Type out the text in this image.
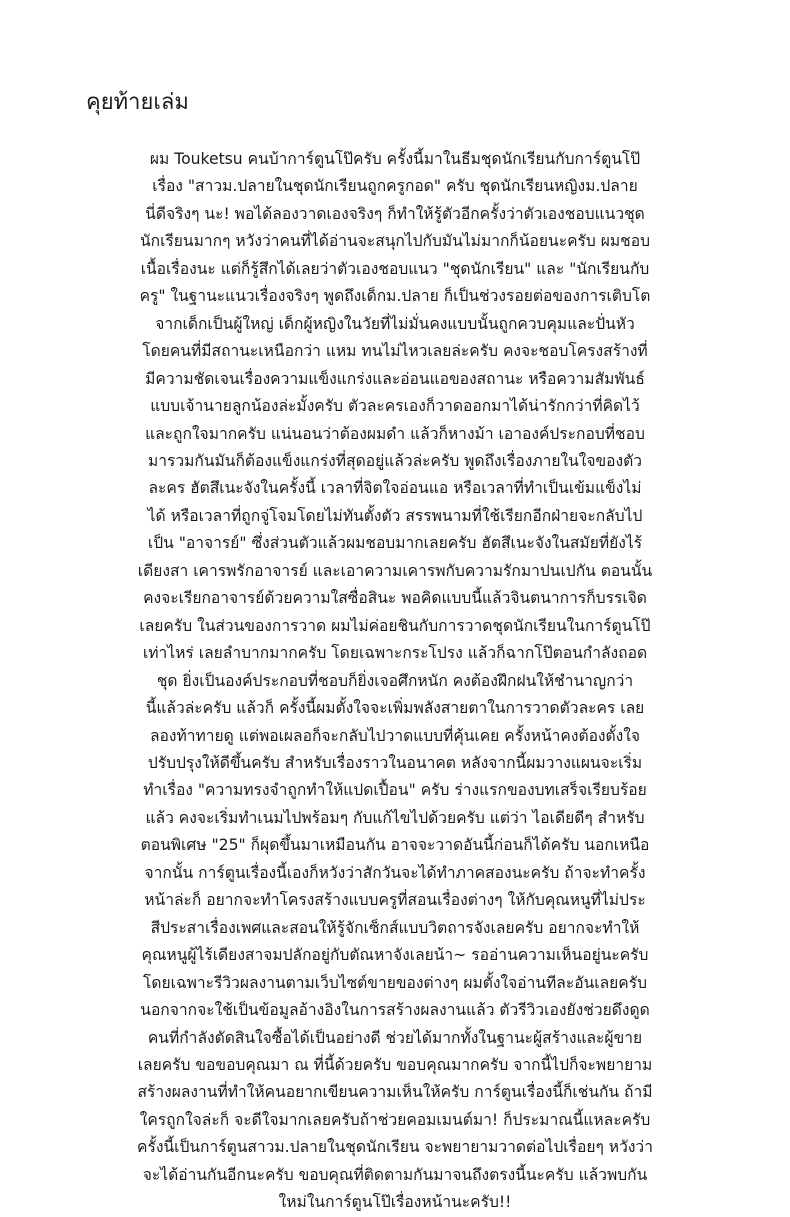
คุยท้ายเล่ม
ผม Touketsu คนบ้าการ์ตูนโป๊ครับ ครั้งนี้มาในธีมชุดนักเรียนกับการ์ตูนโป๊
เรื่อง "สาวม.ปลายในชุดนักเรียนถูกครูกอด" ครับ ชุดนักเรียนหญิงม.ปลาย
นี่ดีจริงๆ นะ! พอได้ลองวาดเองจริงๆ ก็ทำให้รู้ตัวอีกครั้งว่าตัวเองชอบแนวชุด
นักเรียนมากๆ หวังว่าคนที่ได้อ่านจะสนุกไปกับมันไม่มากก็น้อยนะครับ ผมชอบ
เนื้อเรื่องนะ แต่ก็รู้สึกได้เลยว่าตัวเองชอบแนว "ชุดนักเรียน" และ "นักเรียนกับ
ครู" ในฐานะแนวเรื่องจริงๆ พูดถึงเด็กม.ปลาย ก็เป็นช่วงรอยต่อของการเติบโต
จากเด็กเป็นผู้ใหญ่ เด็กผู้หญิงในวัยที่ไม่มั่นคงแบบนั้นถูกควบคุมและปั่นหัว
โดยคนที่มีสถานะเหนือกว่า แหม ทนไม่ไหวเลยล่ะครับ คงจะชอบโครงสร้างที่
มีความชัดเจนเรื่องความแข็งแกร่งและอ่อนแอของสถานะ หรือความสัมพันธ์
แบบเจ้านายลูกน้องล่ะมั้งครับ ตัวละครเองก็วาดออกมาได้น่ารักกว่าที่คิดไว้
และถูกใจมากครับ แน่นอนว่าต้องผมดำ แล้วก็หางม้า เอาองค์ประกอบที่ชอบ
มารวมกันมันก็ต้องแข็งแกร่งที่สุดอยู่แล้วล่ะครับ พูดถึงเรื่องภายในใจของตัว
ละคร ฮัตสึเนะจังในครั้งนี้ เวลาที่จิตใจอ่อนแอ หรือเวลาที่ทำเป็นเข้มแข็งไม่
ได้ หรือเวลาที่ถูกจู่โจมโดยไม่ทันตั้งตัว สรรพนามที่ใช้เรียกอีกฝ่ายจะกลับไป
เป็น "อาจารย์" ซึ่งส่วนตัวแล้วผมชอบมากเลยครับ ฮัตสึเนะจังในสมัยที่ยังไร้
เดียงสา เคารพรักอาจารย์ และเอาความเคารพกับความรักมาปนเปกัน ตอนนั้น
คงจะเรียกอาจารย์ด้วยความใสซื่อสินะ พอคิดแบบนี้แล้วจินตนาการก็บรรเจิด
เลยครับ ในส่วนของการวาด ผมไม่ค่อยชินกับการวาดชุดนักเรียนในการ์ตูนโป๊
เท่าไหร่ เลยลำบากมากครับ โดยเฉพาะกระโปรง แล้วก็ฉากโป๊ตอนกำลังถอด
ชุด ยิ่งเป็นองค์ประกอบที่ชอบก็ยิ่งเจอศึกหนัก คงต้องฝึกฝนให้ชำนาญกว่า
นี้แล้วล่ะครับ แล้วก็ ครั้งนี้ผมตั้งใจจะเพิ่มพลังสายตาในการวาดตัวละคร เลย
ลองท้าทายดู แต่พอเผลอก็จะกลับไปวาดแบบที่คุ้นเคย ครั้งหน้าคงต้องตั้งใจ
ปรับปรุงให้ดีขึ้นครับ สำหรับเรื่องราวในอนาคต หลังจากนี้ผมวางแผนจะเริ่ม
ทำเรื่อง "ความทรงจำถูกทำให้แปดเปื้อน" ครับ ร่างแรกของบทเสร็จเรียบร้อย
แล้ว คงจะเริ่มทำเนมไปพร้อมๆ กับแก้ไขไปด้วยครับ แต่ว่า ไอเดียดีๆ สำหรับ
ตอนพิเศษ "25" ก็ผุดขึ้นมาเหมือนกัน อาจจะวาดอันนี้ก่อนก็ได้ครับ นอกเหนือ
จากนั้น การ์ตูนเรื่องนี้เองก็หวังว่าสักวันจะได้ทำภาคสองนะครับ ถ้าจะทำครั้ง
หน้าล่ะก็ อยากจะทำโครงสร้างแบบครูที่สอนเรื่องต่างๆ ให้กับคุณหนูที่ไม่ประ
สีประสาเรื่องเพศและสอนให้รู้จักเซ็กส์แบบวิตถารจังเลยครับ อยากจะทำให้
คุณหนูผู้ไร้เดียงสาจมปลักอยู่กับตัณหาจังเลยน้า~ รออ่านความเห็นอยู่นะครับ
โดยเฉพาะรีวิวผลงานตามเว็บไซต์ขายของต่างๆ ผมตั้งใจอ่านทีละอันเลยครับ
นอกจากจะใช้เป็นข้อมูลอ้างอิงในการสร้างผลงานแล้ว ตัวรีวิวเองยังช่วยดึงดูด
คนที่กำลังตัดสินใจซื้อได้เป็นอย่างดี ช่วยได้มากทั้งในฐานะผู้สร้างและผู้ขาย
เลยครับ ขอขอบคุณมา ณ ที่นี้ด้วยครับ ขอบคุณมากครับ จากนี้ไปก็จะพยายาม
สร้างผลงานที่ทำให้คนอยากเขียนความเห็นให้ครับ การ์ตูนเรื่องนี้ก็เช่นกัน ถ้ามี
ใครถูกใจล่ะก็ จะดีใจมากเลยครับถ้าช่วยคอมเมนต์มา! ก็ประมาณนี้แหละครับ
ครั้งนี้เป็นการ์ตูนสาวม.ปลายในชุดนักเรียน จะพยายามวาดต่อไปเรื่อยๆ หวังว่า
จะได้อ่านกันอีกนะครับ ขอบคุณที่ติดตามกันมาจนถึงตรงนี้นะครับ แล้วพบกัน
ใหม่ในการ์ตูนโป๊เรื่องหน้านะครับ!!
